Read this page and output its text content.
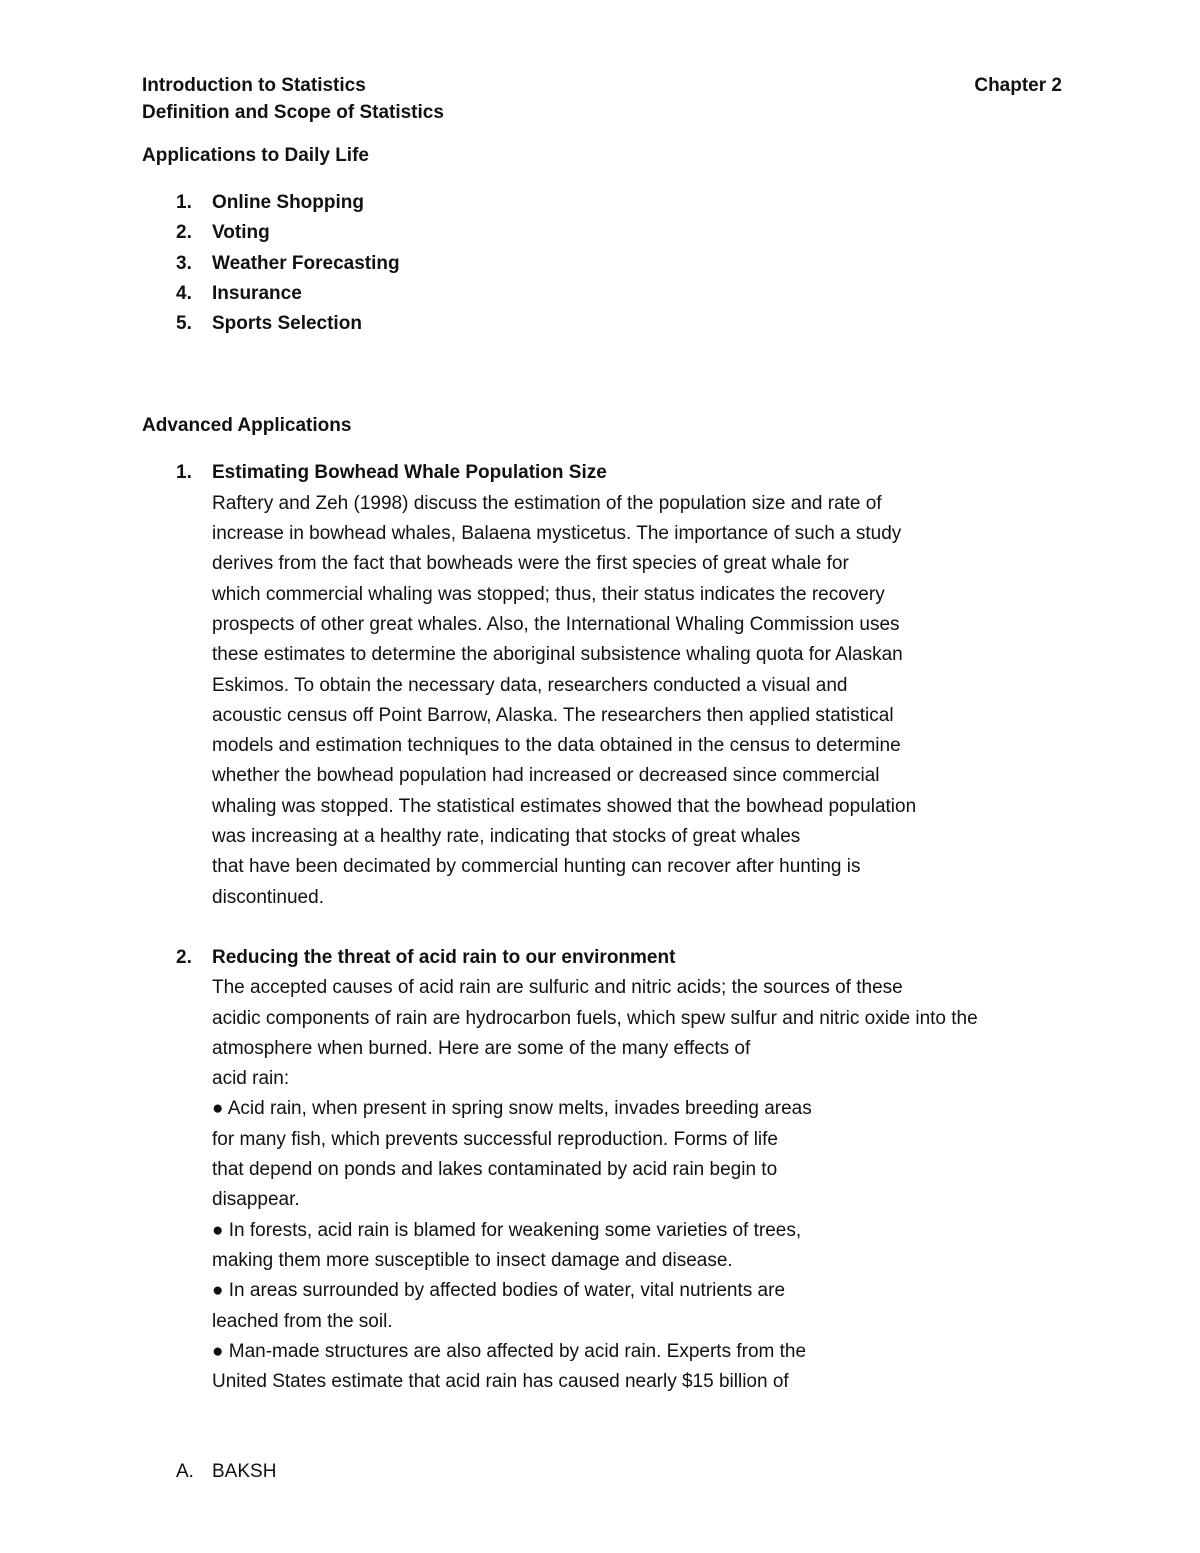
Introduction to Statistics	Chapter 2
Definition and Scope of Statistics
Applications to Daily Life
1.	Online Shopping
2.	Voting
3.	Weather Forecasting
4.	Insurance
5.	Sports Selection
Advanced Applications
1.	Estimating Bowhead Whale Population Size
Raftery and Zeh (1998) discuss the estimation of the population size and rate of
increase in bowhead whales, Balaena mysticetus. The importance of such a study
derives from the fact that bowheads were the first species of great whale for
which commercial whaling was stopped; thus, their status indicates the recovery
prospects of other great whales. Also, the International Whaling Commission uses
these estimates to determine the aboriginal subsistence whaling quota for Alaskan
Eskimos. To obtain the necessary data, researchers conducted a visual and
acoustic census off Point Barrow, Alaska. The researchers then applied statistical
models and estimation techniques to the data obtained in the census to determine
whether the bowhead population had increased or decreased since commercial
whaling was stopped. The statistical estimates showed that the bowhead population
was increasing at a healthy rate, indicating that stocks of great whales
that have been decimated by commercial hunting can recover after hunting is
discontinued.
2.	Reducing the threat of acid rain to our environment
The accepted causes of acid rain are sulfuric and nitric acids; the sources of these
acidic components of rain are hydrocarbon fuels, which spew sulfur and nitric oxide into the
atmosphere when burned. Here are some of the many effects of
acid rain:
● Acid rain, when present in spring snow melts, invades breeding areas
for many fish, which prevents successful reproduction. Forms of life
that depend on ponds and lakes contaminated by acid rain begin to
disappear.
● In forests, acid rain is blamed for weakening some varieties of trees,
making them more susceptible to insect damage and disease.
● In areas surrounded by affected bodies of water, vital nutrients are
leached from the soil.
● Man-made structures are also affected by acid rain. Experts from the
United States estimate that acid rain has caused nearly $15 billion of
A. BAKSH
